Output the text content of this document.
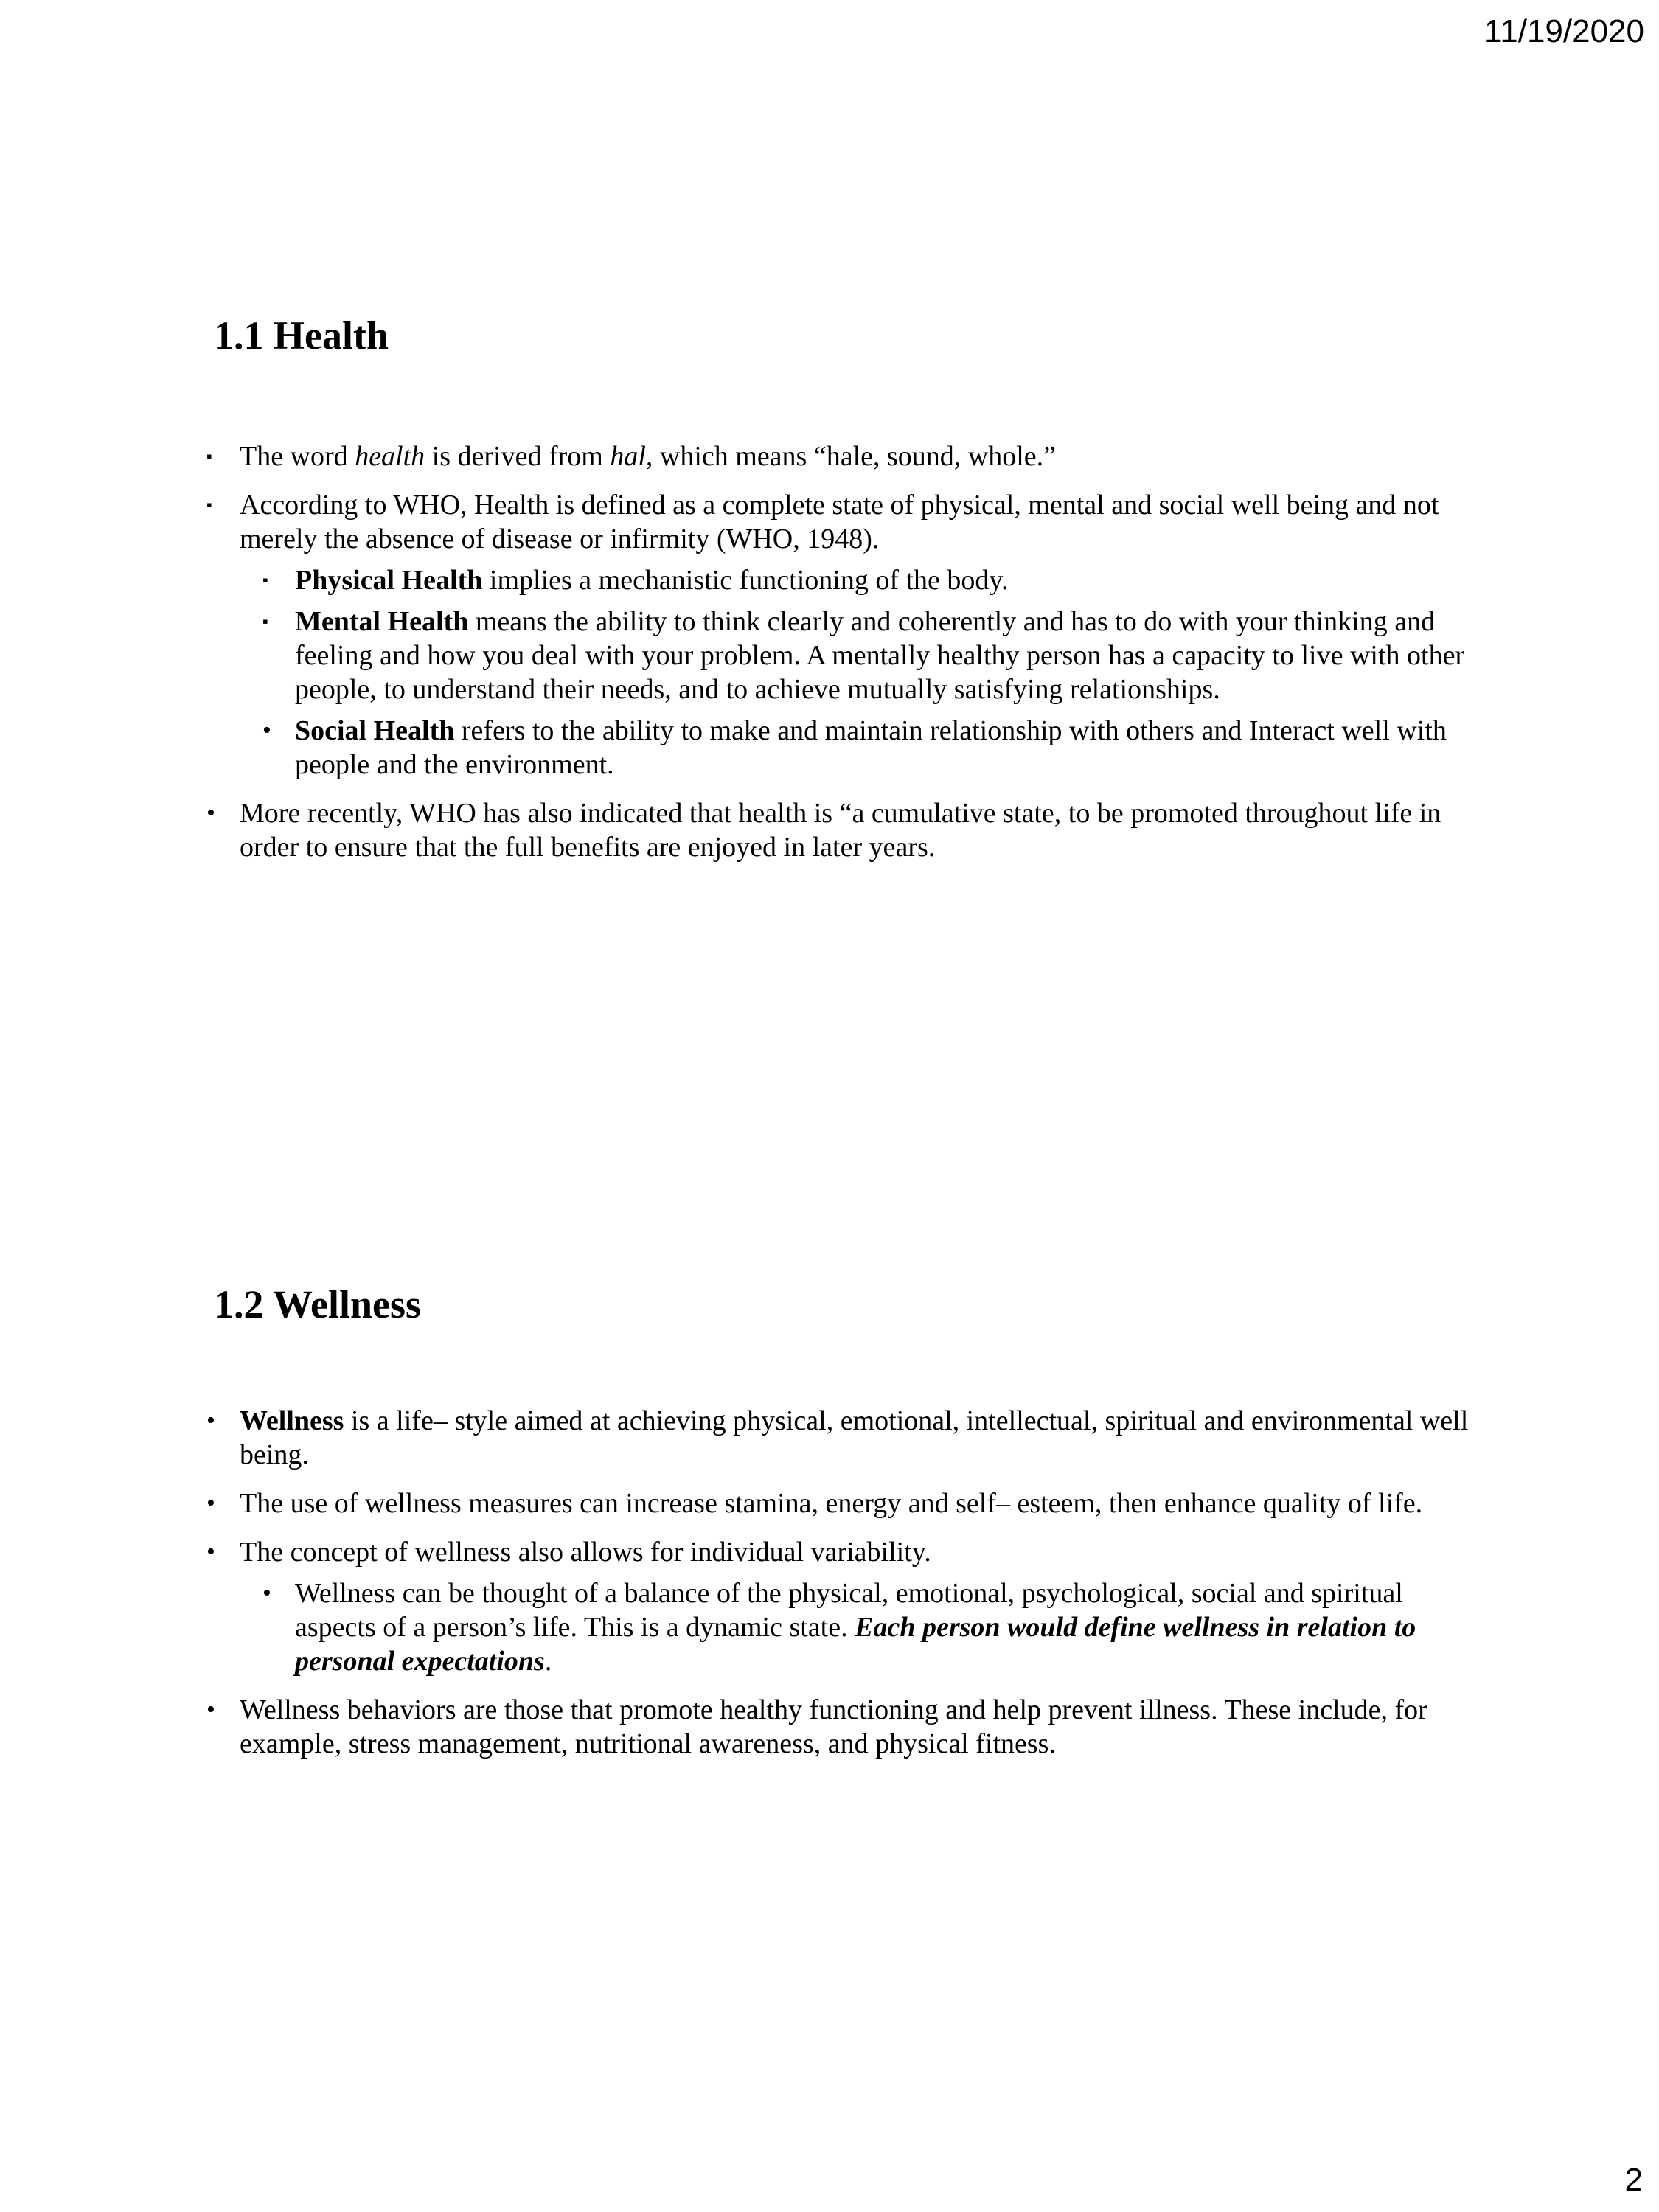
11/19/2020
1.1 Health

▪ The word health is derived from hal, which means “hale, sound, whole.”

▪ According to WHO, Health is defined as a complete state of physical, mental and social well being and not merely the absence of disease or infirmity (WHO, 1948).

▪ Physical Health implies a mechanistic functioning of the body.

▪ Mental Health means the ability to think clearly and coherently and has to do with your thinking and feeling and how you deal with your problem. A mentally healthy person has a capacity to live with other people, to understand their needs, and to achieve mutually satisfying relationships.

• Social Health refers to the ability to make and maintain relationship with others and Interact well with people and the environment.

• More recently, WHO has also indicated that health is “a cumulative state, to be promoted throughout life in order to ensure that the full benefits are enjoyed in later years.

1.2 Wellness

• Wellness is a life– style aimed at achieving physical, emotional, intellectual, spiritual and environmental well being.

• The use of wellness measures can increase stamina, energy and self– esteem, then enhance quality of life.

• The concept of wellness also allows for individual variability.

• Wellness can be thought of a balance of the physical, emotional, psychological, social and spiritual aspects of a person’s life. This is a dynamic state. Each person would define wellness in relation to personal expectations.

• Wellness behaviors are those that promote healthy functioning and help prevent illness. These include, for example, stress management, nutritional awareness, and physical fitness.

2
